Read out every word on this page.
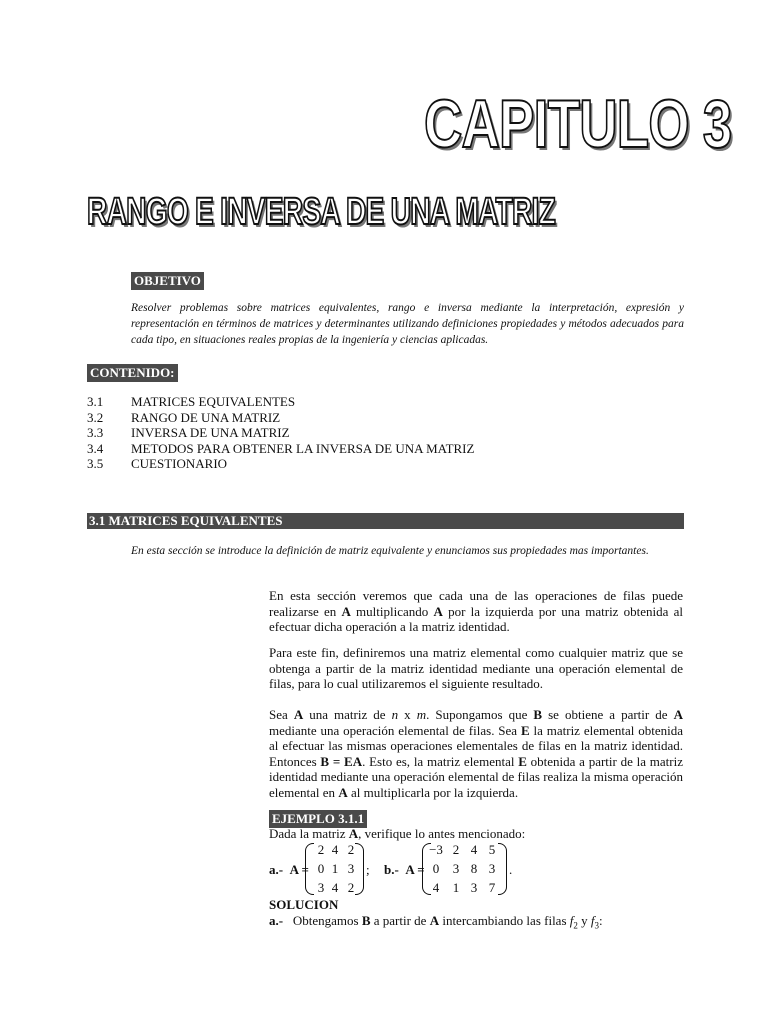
CAPITULO 3
RANGO E INVERSA DE UNA MATRIZ
OBJETIVO
Resolver problemas sobre matrices equivalentes, rango e inversa mediante la interpretación, expresión y representación en términos de matrices y determinantes utilizando definiciones propiedades y métodos adecuados para cada tipo, en situaciones reales propias de la ingeniería y ciencias aplicadas.
CONTENIDO:
3.1	MATRICES EQUIVALENTES
3.2	RANGO DE UNA MATRIZ
3.3	INVERSA DE UNA MATRIZ
3.4	METODOS PARA OBTENER LA INVERSA DE UNA MATRIZ
3.5	CUESTIONARIO
3.1 MATRICES EQUIVALENTES
En esta sección se introduce la definición de matriz equivalente y enunciamos sus propiedades mas importantes.
En esta sección veremos que cada una de las operaciones de filas puede realizarse en A multiplicando A por la izquierda por una matriz obtenida al efectuar dicha operación a la matriz identidad.
Para este fin, definiremos una matriz elemental como cualquier matriz que se obtenga a partir de la matriz identidad mediante una operación elemental de filas, para lo cual utilizaremos el siguiente resultado.
Sea A una matriz de n x m. Supongamos que B se obtiene a partir de A mediante una operación elemental de filas. Sea E la matriz elemental obtenida al efectuar las mismas operaciones elementales de filas en la matriz identidad. Entonces B = EA. Esto es, la matriz elemental E obtenida a partir de la matriz identidad mediante una operación elemental de filas realiza la misma operación elemental en A al multiplicarla por la izquierda.
EJEMPLO 3.1.1
Dada la matriz A, verifique lo antes mencionado:
a.- A =
2 4 2
0 1 3
3 4 2
; b.- A =
−3 2 4 5
0	3 8 3
4	1 3 7
.
SOLUCION
a.- Obtengamos B a partir de A intercambiando las filas $f_2$ y $f_3$:
